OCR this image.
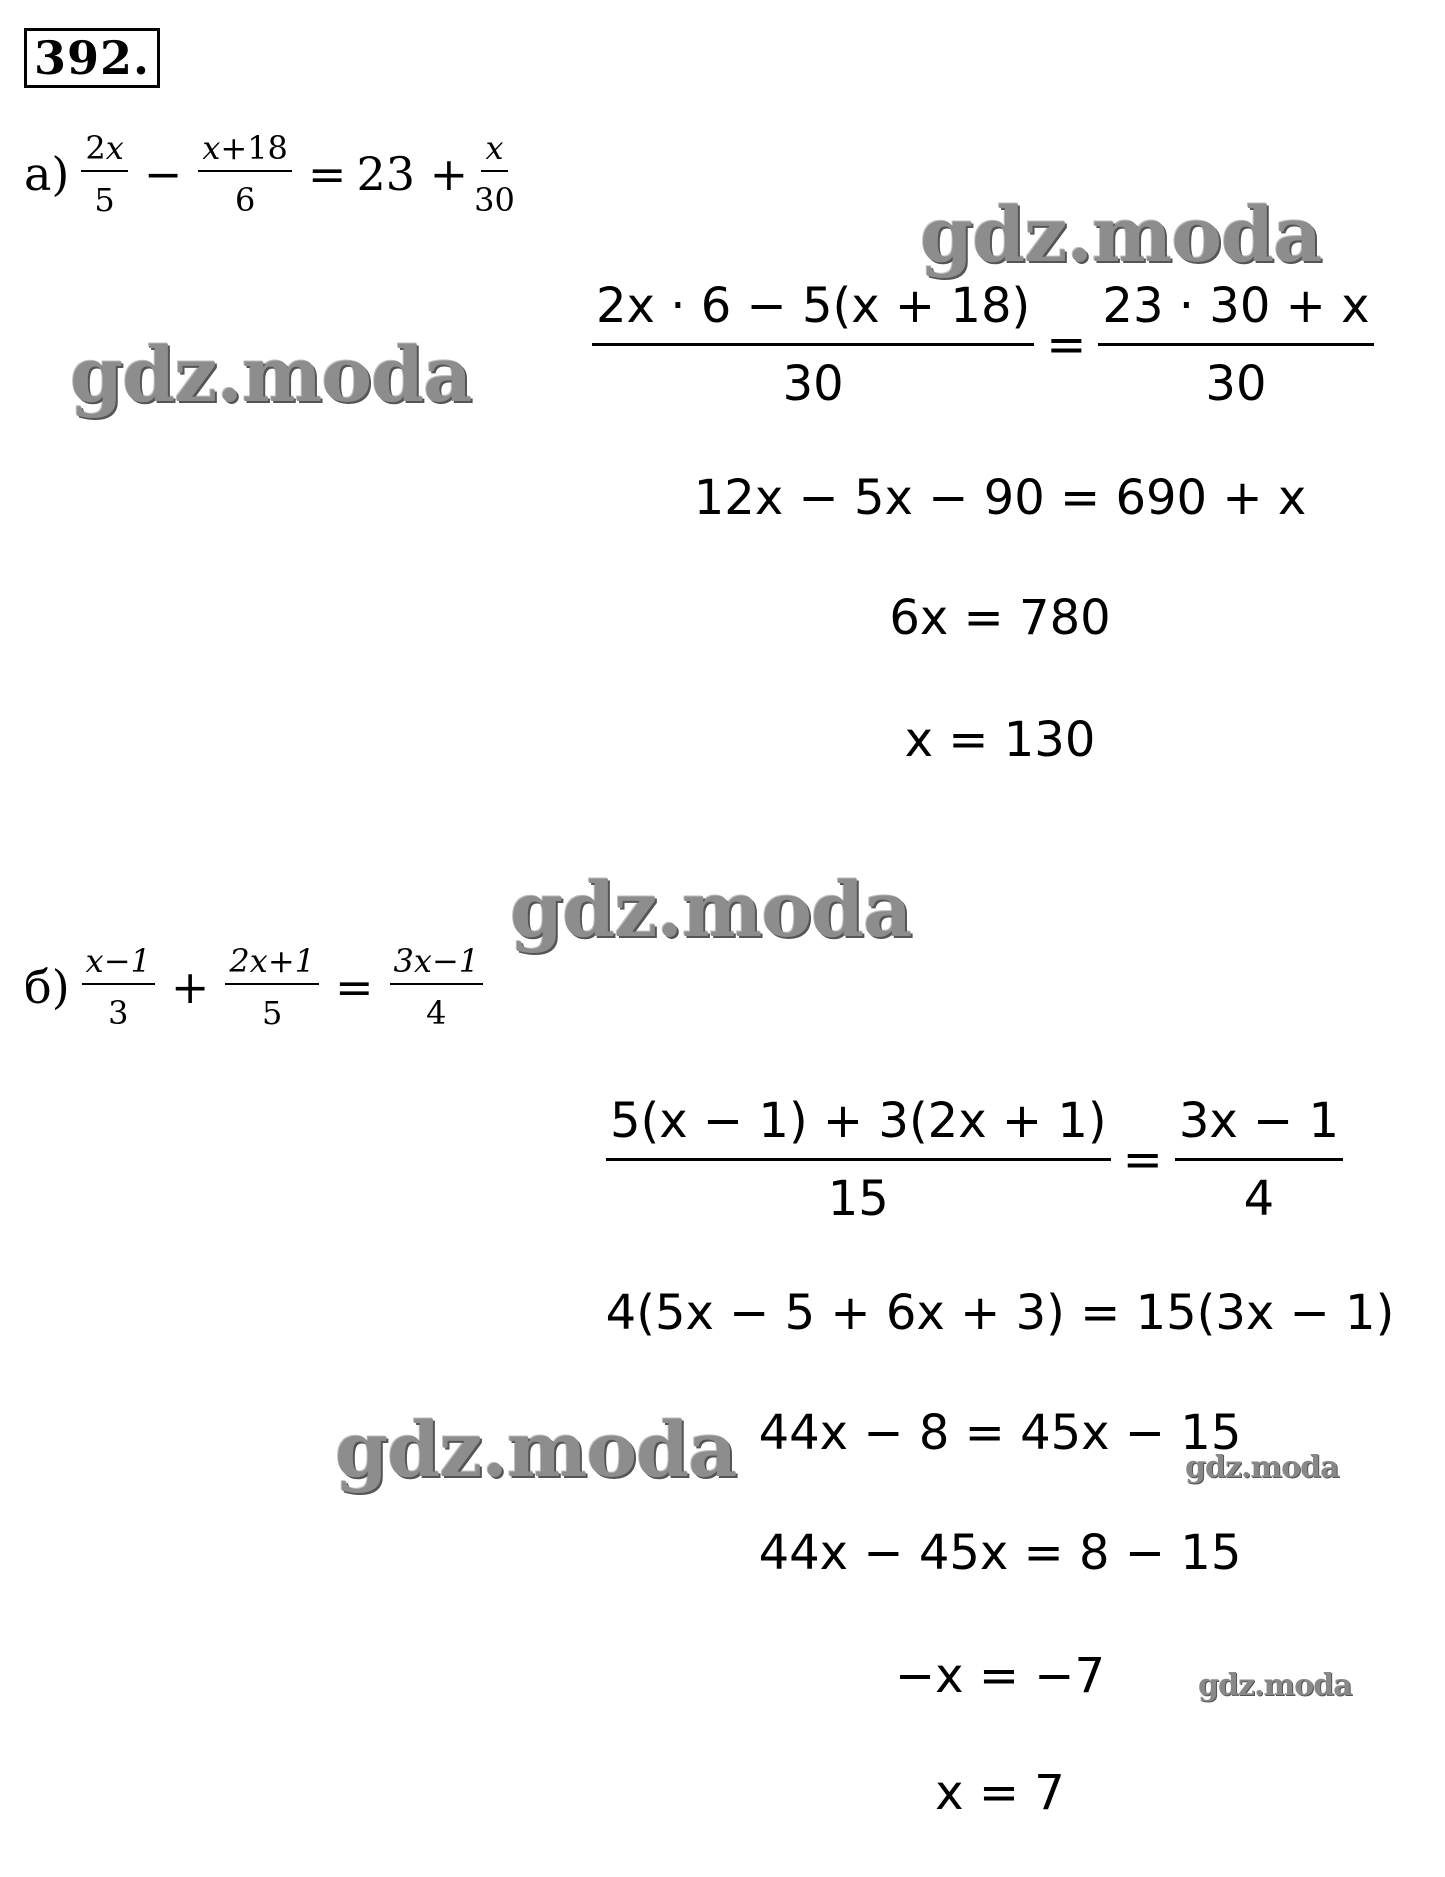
392.
$а) \frac{2x}{5} - \frac{x+18}{6} = 23 + \frac{x}{30}$
$\frac{2x \cdot 6 - 5(x + 18)}{30} = \frac{23 \cdot 30 + x}{30}$
12x − 5x − 90 = 690 + x
6x = 780
x = 130
$б) \frac{x-1}{3} + \frac{2x+1}{5} = \frac{3x-1}{4}$
$\frac{5(x - 1) + 3(2x + 1)}{15} = \frac{3x - 1}{4}$
4(5x − 5 + 6x + 3) = 15(3x − 1)
44x − 8 = 45x − 15
44x − 45x = 8 − 15
−x = −7
x = 7
gdz.moda
gdz.moda
gdz.moda
gdz.moda	gdz.moda
gdz.moda
